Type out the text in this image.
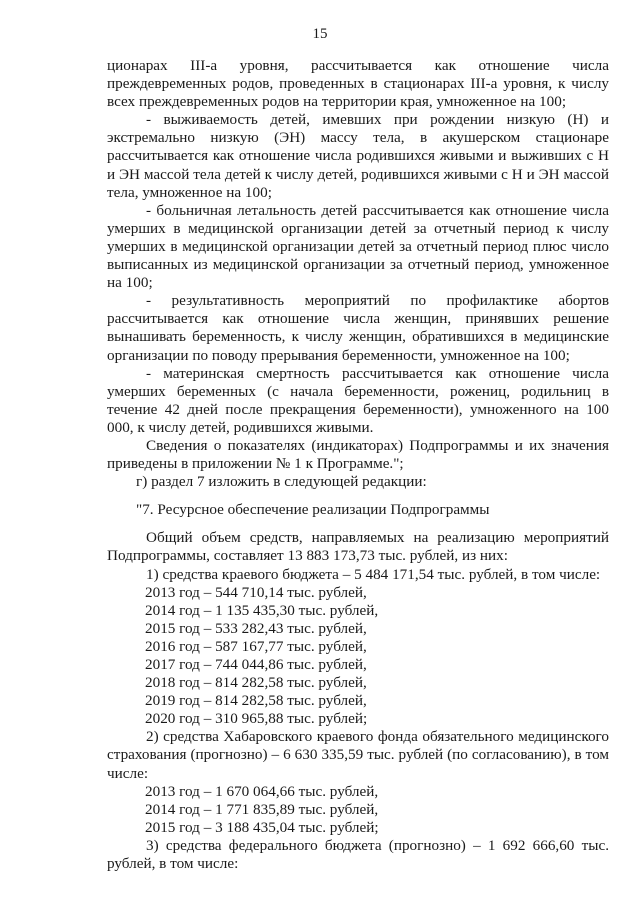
15

ционарах III-а уровня, рассчитывается как отношение числа преждевременных родов, проведенных в стационарах III-а уровня, к числу всех преждевременных родов на территории края, умноженное на 100;

- выживаемость детей, имевших при рождении низкую (Н) и экстремально низкую (ЭН) массу тела, в акушерском стационаре рассчитывается как отношение числа родившихся живыми и выживших с Н и ЭН массой тела детей к числу детей, родившихся живыми с Н и ЭН массой тела, умноженное на 100;

- больничная летальность детей рассчитывается как отношение числа умерших в медицинской организации детей за отчетный период к числу умерших в медицинской организации детей за отчетный период плюс число выписанных из медицинской организации за отчетный период, умноженное на 100;

- результативность мероприятий по профилактике абортов рассчитывается как отношение числа женщин, принявших решение вынашивать беременность, к числу женщин, обратившихся в медицинские организации по поводу прерывания беременности, умноженное на 100;

- материнская смертность рассчитывается как отношение числа умерших беременных (с начала беременности, рожениц, родильниц в течение 42 дней после прекращения беременности), умноженного на 100 000, к числу детей, родившихся живыми.

Сведения о показателях (индикаторах) Подпрограммы и их значения приведены в приложении № 1 к Программе.";

г) раздел 7 изложить в следующей редакции:

"7. Ресурсное обеспечение реализации Подпрограммы

Общий объем средств, направляемых на реализацию мероприятий Подпрограммы, составляет 13 883 173,73 тыс. рублей, из них:

1) средства краевого бюджета – 5 484 171,54 тыс. рублей, в том числе:

2013 год – 544 710,14 тыс. рублей,

2014 год – 1 135 435,30 тыс. рублей,

2015 год – 533 282,43 тыс. рублей,

2016 год – 587 167,77 тыс. рублей,

2017 год – 744 044,86 тыс. рублей,

2018 год – 814 282,58 тыс. рублей,

2019 год – 814 282,58 тыс. рублей,

2020 год – 310 965,88 тыс. рублей;

2) средства Хабаровского краевого фонда обязательного медицинского страхования (прогнозно) – 6 630 335,59 тыс. рублей (по согласованию), в том числе:

2013 год – 1 670 064,66 тыс. рублей,

2014 год – 1 771 835,89 тыс. рублей,

2015 год – 3 188 435,04 тыс. рублей;

3) средства федерального бюджета (прогнозно) – 1 692 666,60 тыс. рублей, в том числе:
